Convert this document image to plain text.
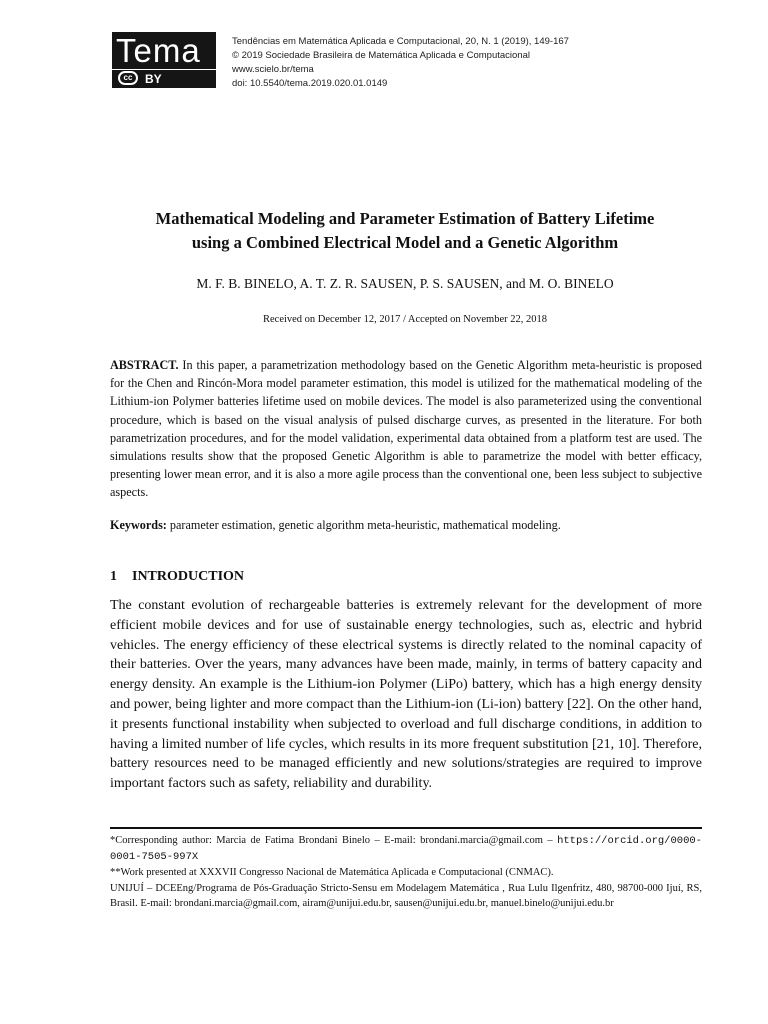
Tema
cc	BY
Tendências em Matemática Aplicada e Computacional, 20, N. 1 (2019), 149-167
© 2019 Sociedade Brasileira de Matemática Aplicada e Computacional
www.scielo.br/tema
doi: 10.5540/tema.2019.020.01.0149
Mathematical Modeling and Parameter Estimation of Battery Lifetime
using a Combined Electrical Model and a Genetic Algorithm
M. F. B. BINELO, A. T. Z. R. SAUSEN, P. S. SAUSEN, and M. O. BINELO
Received on December 12, 2017 / Accepted on November 22, 2018
ABSTRACT. In this paper, a parametrization methodology based on the Genetic Algorithm meta-heuristic is proposed for the Chen and Rincón-Mora model parameter estimation, this model is utilized for the mathematical modeling of the Lithium-ion Polymer batteries lifetime used on mobile devices. The model is also parameterized using the conventional procedure, which is based on the visual analysis of pulsed discharge curves, as presented in the literature. For both parametrization procedures, and for the model validation, experimental data obtained from a platform test are used. The simulations results show that the proposed Genetic Algorithm is able to parametrize the model with better efficacy, presenting lower mean error, and it is also a more agile process than the conventional one, been less subject to subjective aspects.
Keywords: parameter estimation, genetic algorithm meta-heuristic, mathematical modeling.
1 INTRODUCTION
The constant evolution of rechargeable batteries is extremely relevant for the development of more efficient mobile devices and for use of sustainable energy technologies, such as, electric and hybrid vehicles. The energy efficiency of these electrical systems is directly related to the nominal capacity of their batteries. Over the years, many advances have been made, mainly, in terms of battery capacity and energy density. An example is the Lithium-ion Polymer (LiPo) battery, which has a high energy density and power, being lighter and more compact than the Lithium-ion (Li-ion) battery [22]. On the other hand, it presents functional instability when subjected to overload and full discharge conditions, in addition to having a limited number of life cycles, which results in its more frequent substitution [21, 10]. Therefore, battery resources need to be managed efficiently and new solutions/strategies are required to improve important factors such as safety, reliability and durability.
*Corresponding author: Marcia de Fatima Brondani Binelo – E-mail: brondani.marcia@gmail.com – https://orcid.org/0000-0001-7505-997X
**Work presented at XXXVII Congresso Nacional de Matemática Aplicada e Computacional (CNMAC).
UNIJUÍ – DCEEng/Programa de Pós-Graduação Stricto-Sensu em Modelagem Matemática , Rua Lulu Ilgenfritz, 480, 98700-000 Ijuí, RS, Brasil. E-mail: brondani.marcia@gmail.com, airam@unijui.edu.br, sausen@unijui.edu.br, manuel.binelo@unijui.edu.br
